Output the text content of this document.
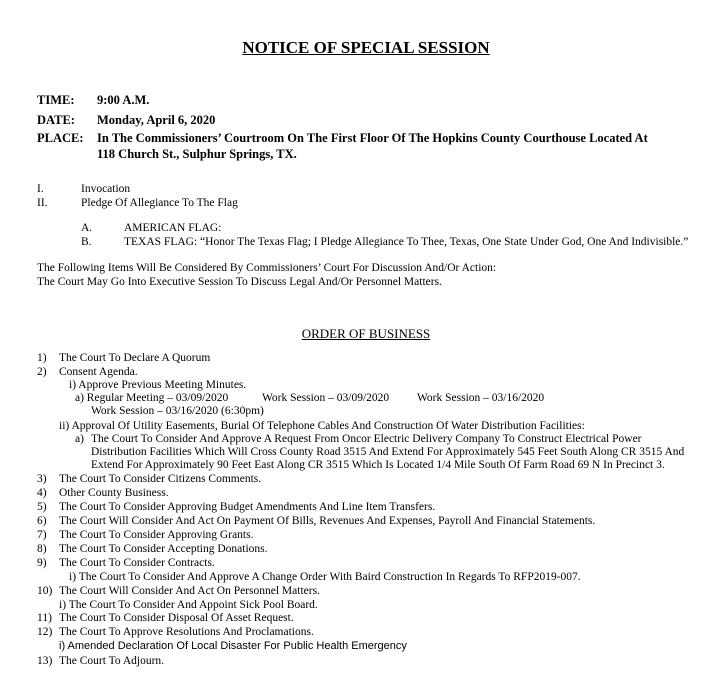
NOTICE OF SPECIAL SESSION
TIME: 9:00 A.M.
DATE: Monday, April 6, 2020
PLACE: In The Commissioners’ Courtroom On The First Floor Of The Hopkins County Courthouse Located At
118 Church St., Sulphur Springs, TX.
I.	Invocation
II.	Pledge Of Allegiance To The Flag
A.	AMERICAN FLAG:
B.	TEXAS FLAG: “Honor The Texas Flag; I Pledge Allegiance To Thee, Texas, One State Under God, One And Indivisible.”
The Following Items Will Be Considered By Commissioners’ Court For Discussion And/Or Action:
The Court May Go Into Executive Session To Discuss Legal And/Or Personnel Matters.
ORDER OF BUSINESS
1) The Court To Declare A Quorum
2) Consent Agenda.
i) Approve Previous Meeting Minutes.
a) Regular Meeting – 03/09/2020	Work Session – 03/09/2020 Work Session – 03/16/2020
Work Session – 03/16/2020 (6:30pm)
ii) Approval Of Utility Easements, Burial Of Telephone Cables And Construction Of Water Distribution Facilities:
a) The Court To Consider And Approve A Request From Oncor Electric Delivery Company To Construct Electrical Power
Distribution Facilities Which Will Cross County Road 3515 And Extend For Approximately 545 Feet South Along CR 3515 And
Extend For Approximately 90 Feet East Along CR 3515 Which Is Located 1/4 Mile South Of Farm Road 69 N In Precinct 3.
3) The Court To Consider Citizens Comments.
4) Other County Business.
5) The Court To Consider Approving Budget Amendments And Line Item Transfers.
6) The Court Will Consider And Act On Payment Of Bills, Revenues And Expenses, Payroll And Financial Statements.
7) The Court To Consider Approving Grants.
8) The Court To Consider Accepting Donations.
9) The Court To Consider Contracts.
i) The Court To Consider And Approve A Change Order With Baird Construction In Regards To RFP2019-007.
10) The Court Will Consider And Act On Personnel Matters.
i) The Court To Consider And Appoint Sick Pool Board.
11) The Court To Consider Disposal Of Asset Request.
12) The Court To Approve Resolutions And Proclamations.
i) Amended Declaration Of Local Disaster For Public Health Emergency
13) The Court To Adjourn.
